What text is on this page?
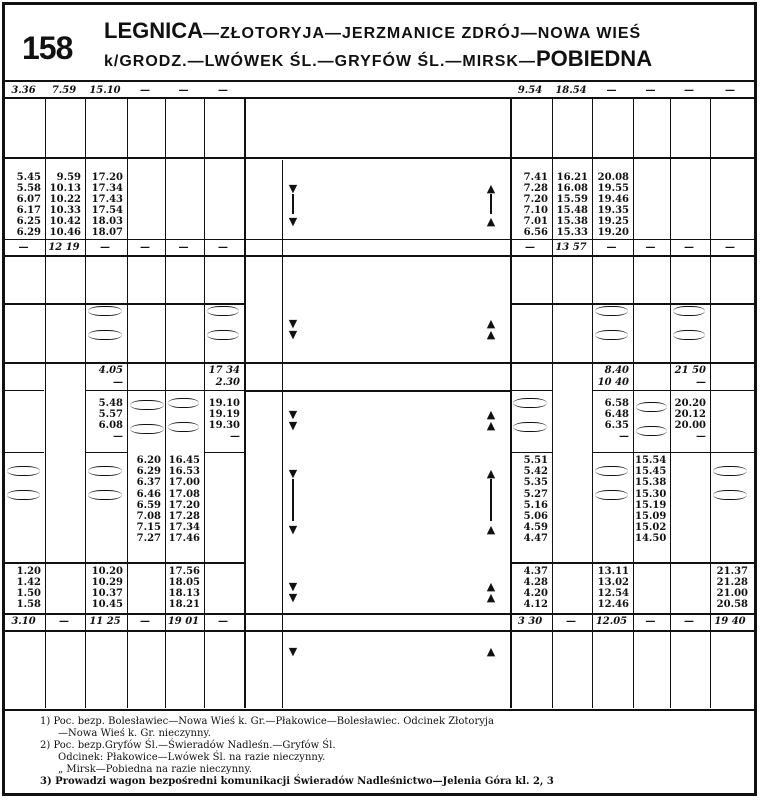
158 LEGNICA—ZŁOTORYJA—JERZMANICE ZDRÓJ—NOWA WIEŚ
k/GRODZ.—LWÓWEK ŚL.—GRYFÓW ŚL.—MIRSK—POBIEDNA
3.36	9.54
7.59	18.54
15.10	—
—	—
—	—
—	—
5.45	7.41
5.58	7.28
6.07	7.20
6.17	7.10
6.25	7.01
6.29	6.56
9.59	16.21
10.13	16.08
10.22	15.59
10.33	15.48
10.42	15.38
10.46	15.33
17.20	20.08
17.34	19.55
17.43	19.46
17.54	19.35
18.03	19.25
18.07	19.20
▼
▼
▲
▲
—	—
12 19	13 57
—	—
—	—
—	—
—	—
▼
▼
▲
▲
4.05	17 34	8.40	21 50
—	2.30	10 40	—
▼
▼
▲
▲
5.48	19.10	6.58	20.20
5.57	19.19	6.48	20.12
6.08	19.30	6.35	20.00
—	—	—	—
▼
▼
▲
▲
6.20 16.45	5.51	15.54
6.29 16.53	5.42	15.45
6.37 17.00	5.35	15.38
6.46 17.08	5.27	15.30
6.59 17.20	5.16	15.19
7.08 17.28	5.06	15.09
7.15 17.34	4.59	15.02
7.27 17.46	4.47	14.50
▼
▼
▲
▲
1.20	10.20	17.56	4.37	13.11	21.37
1.42	10.29	18.05	4.28	13.02	21.28
1.50	10.37	18.13	4.20	12.54	21.00
1.58	10.45	18.21	4.12	12.46	20.58
3.10	3 30
—	—
11 25	12.05
—	—
19 01	—
—	19 40
▼	▲
1) Poc. bezp. Bolesławiec—Nowa Wieś k. Gr.—Płakowice—Bolesławiec. Odcinek Złotoryja
—Nowa Wieś k. Gr. nieczynny.
2) Poc. bezp.Gryfów Śl.—Świeradów Nadleśn.—Gryfów Śl.
Odcinek: Płakowice—Lwówek Śl. na razie nieczynny.
„ Mirsk—Pobiedna na razie nieczynny.
3) Prowadzi wagon bezpośredni komunikacji Świeradów Nadleśnictwo—Jelenia Góra kl. 2, 3
